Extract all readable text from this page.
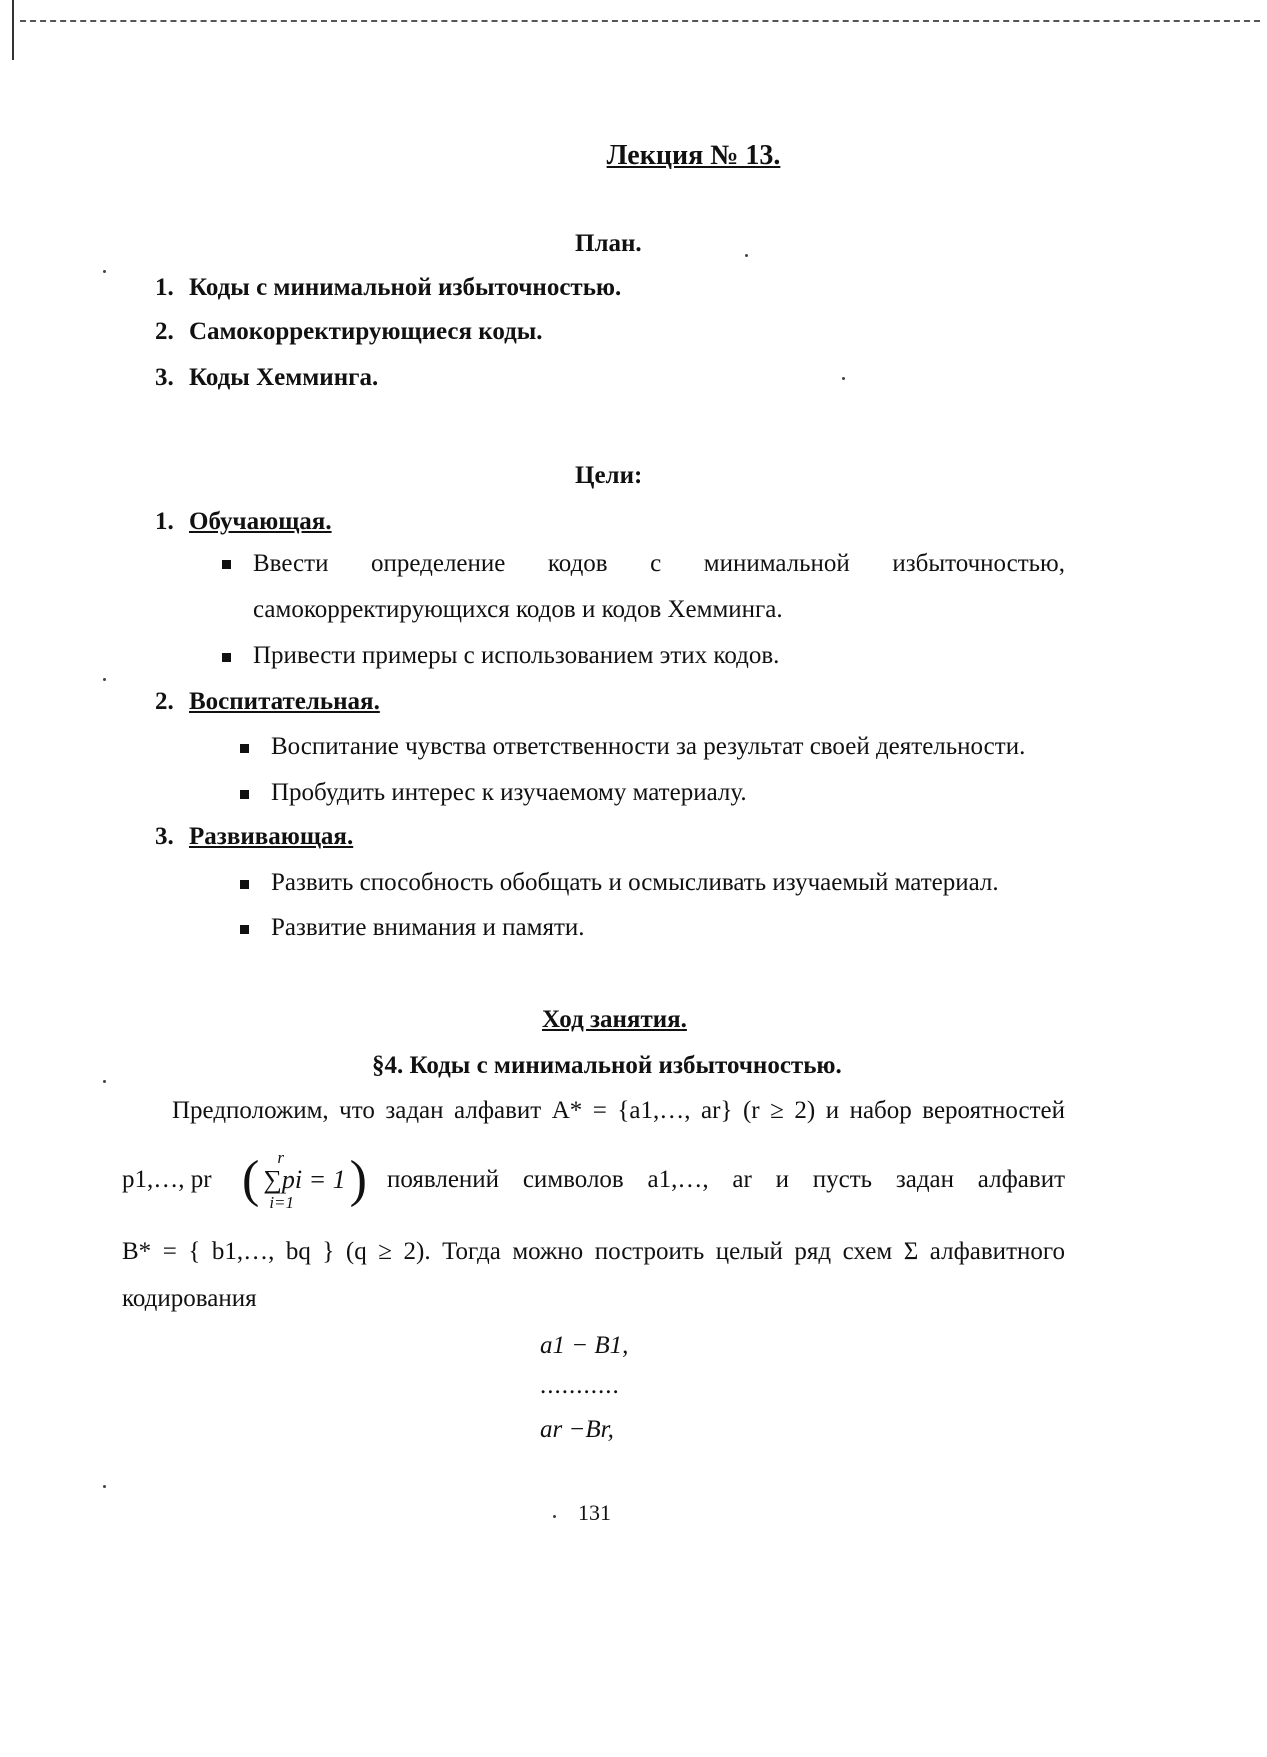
Лекция № 13.
План.
1. Коды с минимальной избыточностью.
2. Самокорректирующиеся коды.
3. Коды Хемминга.
Цели:
1. Обучающая.
Ввести определение кодов с минимальной избыточностью,
самокорректирующихся кодов и кодов Хемминга.
Привести примеры с использованием этих кодов.
2. Воспитательная.
Воспитание чувства ответственности за результат своей деятельности.
Пробудить интерес к изучаемому материалу.
3. Развивающая.
Развить способность обобщать и осмысливать изучаемый материал.
Развитие внимания и памяти.
Ход занятия.
§4. Коды с минимальной избыточностью.
Предположим, что задан алфавит A* = {a1,…, ar} (r ≥ 2) и набор вероятностей
p1,…, pr ( r
∑pi = 1
i=1 ) появлений символов a1,…, ar и пусть задан алфавит
B* = { b1,…, bq } (q ≥ 2). Тогда можно построить целый ряд схем Σ алфавитного
кодирования
a1 − B1,
...........
ar −Br,
131
